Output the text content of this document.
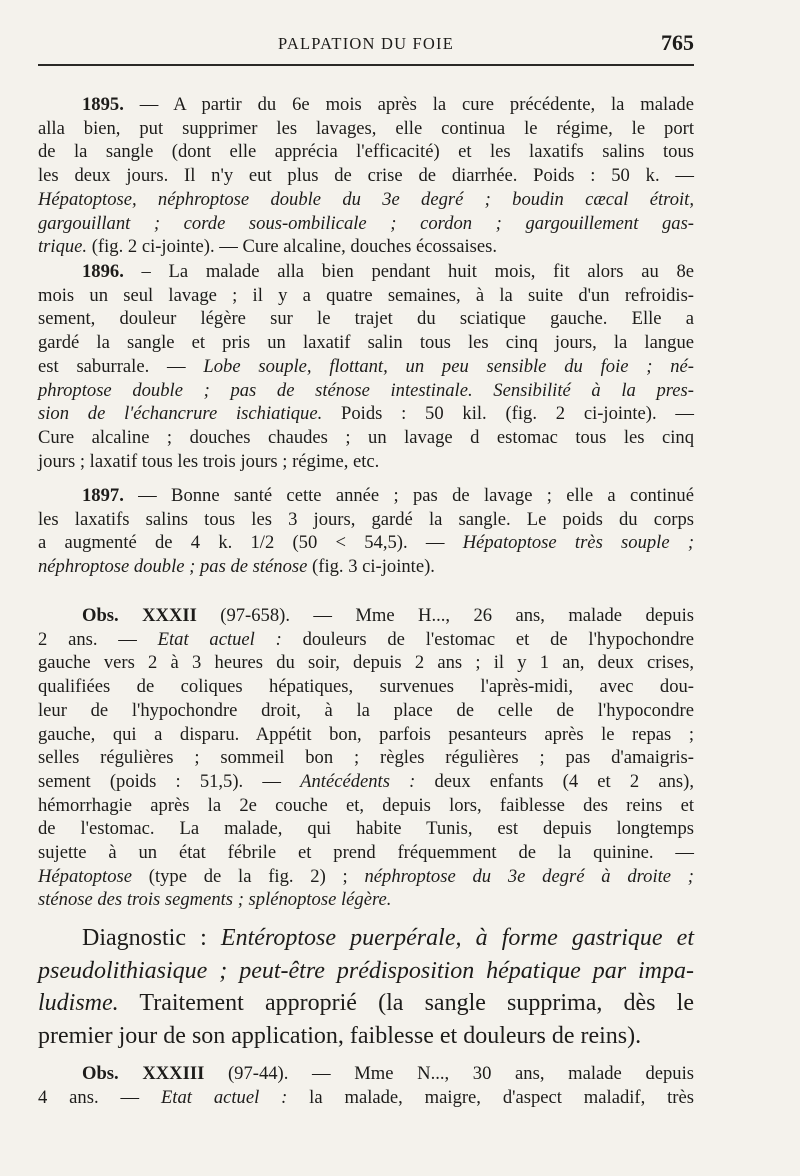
PALPATION DU FOIE	765
1895. — A partir du 6e mois après la cure précédente, la malade
alla bien, put supprimer les lavages, elle continua le régime, le port
de la sangle (dont elle apprécia l'efficacité) et les laxatifs salins tous
les deux jours. Il n'y eut plus de crise de diarrhée. Poids : 50 k. —
Hépatoptose, néphroptose double du 3e degré ; boudin cæcal étroit,
gargouillant ; corde sous-ombilicale ; cordon ; gargouillement gas-
trique. (fig. 2 ci-jointe). — Cure alcaline, douches écossaises.
1896. – La malade alla bien pendant huit mois, fit alors au 8e
mois un seul lavage ; il y a quatre semaines, à la suite d'un refroidis-
sement, douleur légère sur le trajet du sciatique gauche. Elle a
gardé la sangle et pris un laxatif salin tous les cinq jours, la langue
est saburrale. — Lobe souple, flottant, un peu sensible du foie ; né-
phroptose double ; pas de sténose intestinale. Sensibilité à la pres-
sion de l'échancrure ischiatique. Poids : 50 kil. (fig. 2 ci-jointe). —
Cure alcaline ; douches chaudes ; un lavage d estomac tous les cinq
jours ; laxatif tous les trois jours ; régime, etc.
1897. — Bonne santé cette année ; pas de lavage ; elle a continué
les laxatifs salins tous les 3 jours, gardé la sangle. Le poids du corps
a augmenté de 4 k. 1/2 (50 < 54,5). — Hépatoptose très souple ;
néphroptose double ; pas de sténose (fig. 3 ci-jointe).
Obs. XXXII (97-658). — Mme H..., 26 ans, malade depuis
2 ans. — Etat actuel : douleurs de l'estomac et de l'hypochondre
gauche vers 2 à 3 heures du soir, depuis 2 ans ; il y 1 an, deux crises,
qualifiées de coliques hépatiques, survenues l'après-midi, avec dou-
leur de l'hypochondre droit, à la place de celle de l'hypocondre
gauche, qui a disparu. Appétit bon, parfois pesanteurs après le repas ;
selles régulières ; sommeil bon ; règles régulières ; pas d'amaigris-
sement (poids : 51,5). — Antécédents : deux enfants (4 et 2 ans),
hémorrhagie après la 2e couche et, depuis lors, faiblesse des reins et
de l'estomac. La malade, qui habite Tunis, est depuis longtemps
sujette à un état fébrile et prend fréquemment de la quinine. —
Hépatoptose (type de la fig. 2) ; néphroptose du 3e degré à droite ;
sténose des trois segments ; splénoptose légère.
Diagnostic : Entéroptose puerpérale, à forme gastrique et
pseudolithiasique ; peut-être prédisposition hépatique par impa-
ludisme. Traitement approprié (la sangle supprima, dès le
premier jour de son application, faiblesse et douleurs de reins).
Obs. XXXIII (97-44). — Mme N..., 30 ans, malade depuis
4 ans. — Etat actuel : la malade, maigre, d'aspect maladif, très
